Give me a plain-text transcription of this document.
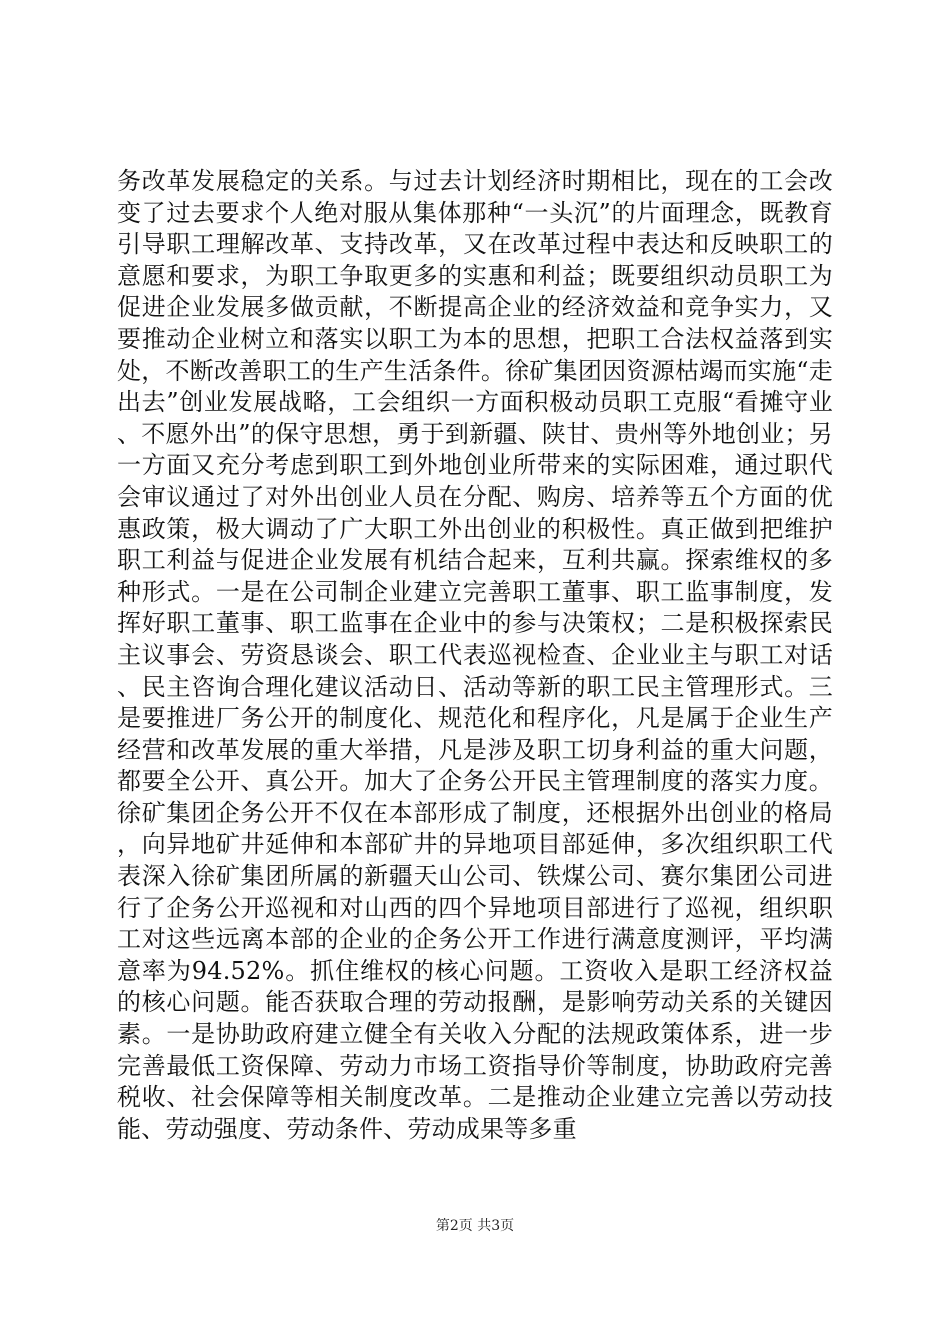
务改革发展稳定的关系。与过去计划经济时期相比，现在的工会改变了过去要求个人绝对服从集体那种“一头沉”的片面理念，既教育引导职工理解改革、支持改革，又在改革过程中表达和反映职工的意愿和要求，为职工争取更多的实惠和利益；既要组织动员职工为促进企业发展多做贡献，不断提高企业的经济效益和竞争实力，又要推动企业树立和落实以职工为本的思想，把职工合法权益落到实处，不断改善职工的生产生活条件。徐矿集团因资源枯竭而实施“走出去”创业发展战略，工会组织一方面积极动员职工克服“看摊守业、不愿外出”的保守思想，勇于到新疆、陕甘、贵州等外地创业；另一方面又充分考虑到职工到外地创业所带来的实际困难，通过职代会审议通过了对外出创业人员在分配、购房、培养等五个方面的优惠政策，极大调动了广大职工外出创业的积极性。真正做到把维护职工利益与促进企业发展有机结合起来，互利共赢。探索维权的多种形式。一是在公司制企业建立完善职工董事、职工监事制度，发挥好职工董事、职工监事在企业中的参与决策权；二是积极探索民主议事会、劳资恳谈会、职工代表巡视检查、企业业主与职工对话、民主咨询合理化建议活动日、活动等新的职工民主管理形式。三是要推进厂务公开的制度化、规范化和程序化，凡是属于企业生产经营和改革发展的重大举措，凡是涉及职工切身利益的重大问题，都要全公开、真公开。加大了企务公开民主管理制度的落实力度。徐矿集团企务公开不仅在本部形成了制度，还根据外出创业的格局，向异地矿井延伸和本部矿井的异地项目部延伸，多次组织职工代表深入徐矿集团所属的新疆天山公司、铁煤公司、赛尔集团公司进行了企务公开巡视和对山西的四个异地项目部进行了巡视，组织职工对这些远离本部的企业的企务公开工作进行满意度测评，平均满意率为94.52%。抓住维权的核心问题。工资收入是职工经济权益的核心问题。能否获取合理的劳动报酬，是影响劳动关系的关键因素。一是协助政府建立健全有关收入分配的法规政策体系，进一步完善最低工资保障、劳动力市场工资指导价等制度，协助政府完善税收、社会保障等相关制度改革。二是推动企业建立完善以劳动技能、劳动强度、劳动条件、劳动成果等多重

第2页 共3页
